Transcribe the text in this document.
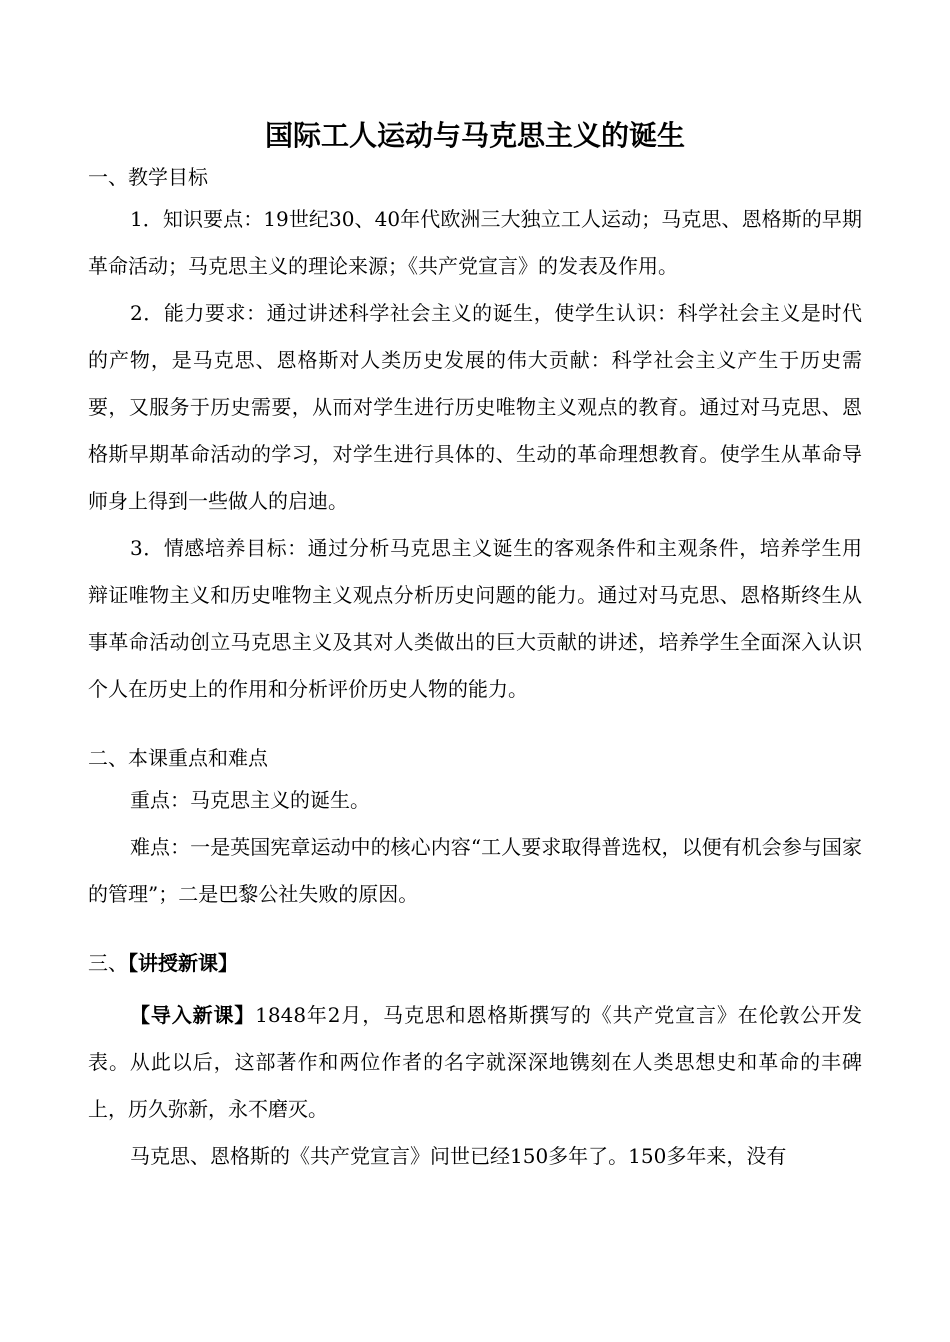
国际工人运动与马克思主义的诞生

一、教学目标

1．知识要点：19世纪30、40年代欧洲三大独立工人运动；马克思、恩格斯的早期革命活动；马克思主义的理论来源；《共产党宣言》的发表及作用。

2．能力要求：通过讲述科学社会主义的诞生，使学生认识：科学社会主义是时代的产物，是马克思、恩格斯对人类历史发展的伟大贡献：科学社会主义产生于历史需要，又服务于历史需要，从而对学生进行历史唯物主义观点的教育。通过对马克思、恩格斯早期革命活动的学习，对学生进行具体的、生动的革命理想教育。使学生从革命导师身上得到一些做人的启迪。

3．情感培养目标：通过分析马克思主义诞生的客观条件和主观条件，培养学生用辩证唯物主义和历史唯物主义观点分析历史问题的能力。通过对马克思、恩格斯终生从事革命活动创立马克思主义及其对人类做出的巨大贡献的讲述，培养学生全面深入认识个人在历史上的作用和分析评价历史人物的能力。

二、本课重点和难点

重点：马克思主义的诞生。

难点：一是英国宪章运动中的核心内容“工人要求取得普选权，以便有机会参与国家的管理”；二是巴黎公社失败的原因。

三、【讲授新课】

【导入新课】1848年2月，马克思和恩格斯撰写的《共产党宣言》在伦敦公开发表。从此以后，这部著作和两位作者的名字就深深地镌刻在人类思想史和革命的丰碑上，历久弥新，永不磨灭。

马克思、恩格斯的《共产党宣言》问世已经150多年了。150多年来，没有
